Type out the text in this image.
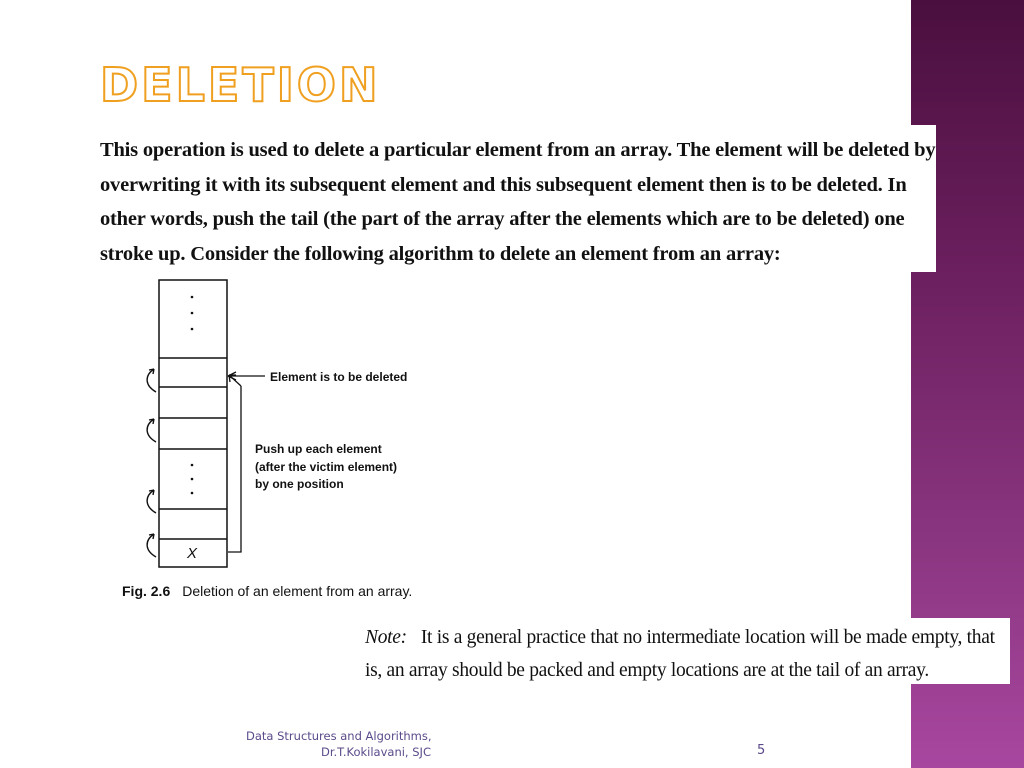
DELETION

This operation is used to delete a particular element from an array. The element will be deleted by overwriting it with its subsequent element and this subsequent element then is to be deleted. In other words, push the tail (the part of the array after the elements which are to be deleted) one stroke up. Consider the following algorithm to delete an element from an array:

X
Element is to be deleted
Push up each element
(after the victim element)
by one position
Fig. 2.6 Deletion of an element from an array.

Note: It is a general practice that no intermediate location will be made empty, that is, an array should be packed and empty locations are at the tail of an array.

Data Structures and Algorithms,
Dr.T.Kokilavani, SJC	5
